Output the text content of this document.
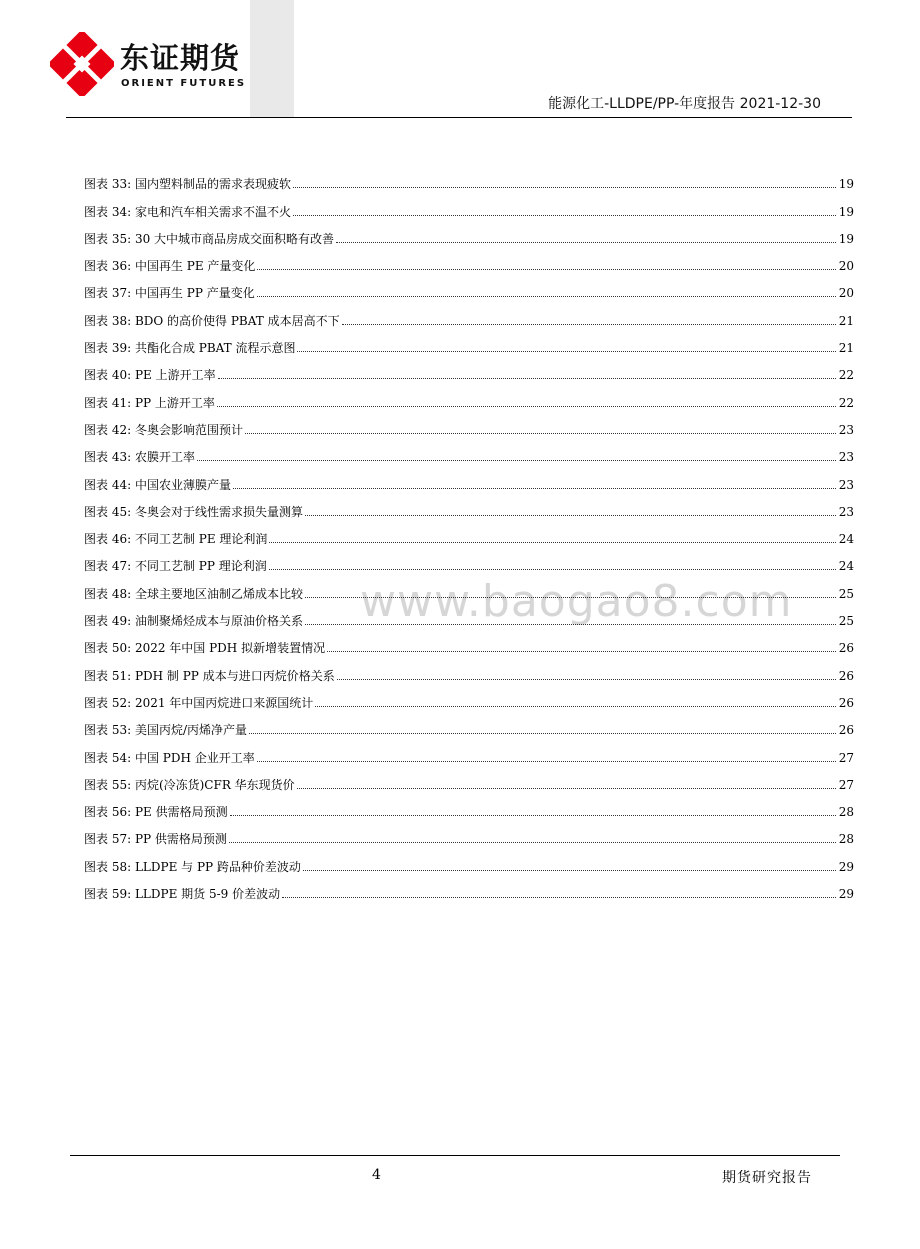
东证期货
ORIENT FUTURES
能源化工-LLDPE/PP-年度报告 2021-12-30
www.baogao8.com
图表 33: 国内塑料制品的需求表现疲软	19
图表 34: 家电和汽车相关需求不温不火	19
图表 35: 30 大中城市商品房成交面积略有改善	19
图表 36: 中国再生 PE 产量变化	20
图表 37: 中国再生 PP 产量变化	20
图表 38: BDO 的高价使得 PBAT 成本居高不下	21
图表 39: 共酯化合成 PBAT 流程示意图	21
图表 40: PE 上游开工率	22
图表 41: PP 上游开工率	22
图表 42: 冬奥会影响范围预计	23
图表 43: 农膜开工率	23
图表 44: 中国农业薄膜产量	23
图表 45: 冬奥会对于线性需求损失量测算	23
图表 46: 不同工艺制 PE 理论利润	24
图表 47: 不同工艺制 PP 理论利润	24
图表 48: 全球主要地区油制乙烯成本比较	25
图表 49: 油制聚烯烃成本与原油价格关系	25
图表 50: 2022 年中国 PDH 拟新增装置情况	26
图表 51: PDH 制 PP 成本与进口丙烷价格关系	26
图表 52: 2021 年中国丙烷进口来源国统计	26
图表 53: 美国丙烷/丙烯净产量	26
图表 54: 中国 PDH 企业开工率	27
图表 55: 丙烷(冷冻货)CFR 华东现货价	27
图表 56: PE 供需格局预测	28
图表 57: PP 供需格局预测	28
图表 58: LLDPE 与 PP 跨品种价差波动	29
图表 59: LLDPE 期货 5-9 价差波动	29
4	期货研究报告
